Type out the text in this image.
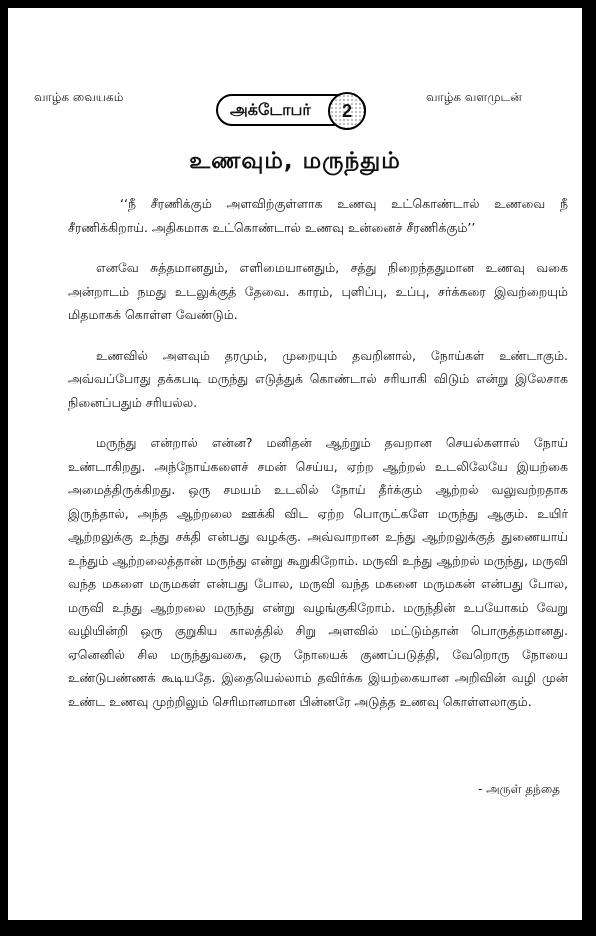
வாழ்க வையகம்
அக்டோபர்	2
வாழ்க வளமுடன்
உணவும், மருந்தும்

‘‘நீ சீரணிக்கும் அளவிற்குள்ளாக உணவு உட்கொண்டால் உணவை நீ சீரணிக்கிறாய். அதிகமாக உட்கொண்டால் உணவு உன்னைச் சீரணிக்கும்’’

எனவே சுத்தமானதும், எளிமையானதும், சத்து நிறைந்ததுமான உணவு வகை அன்றாடம் நமது உடலுக்குத் தேவை. காரம், புளிப்பு, உப்பு, சர்க்கரை இவற்றையும் மிதமாகக் கொள்ள வேண்டும்.

உணவில் அளவும் தரமும், முறையும் தவறினால், நோய்கள் உண்டாகும். அவ்வப்போது தக்கபடி மருந்து எடுத்துக் கொண்டால் சரியாகி விடும் என்று இலேசாக நினைப்பதும் சரியல்ல.

மருந்து என்றால் என்ன? மனிதன் ஆற்றும் தவறான செயல்களால் நோய் உண்டாகிறது. அந்நோய்களைச் சமன் செய்ய, ஏற்ற ஆற்றல் உடலிலேயே இயற்கை அமைத்திருக்கிறது. ஒரு சமயம் உடலில் நோய் தீர்க்கும் ஆற்றல் வலுவற்றதாக இருந்தால், அந்த ஆற்றலை ஊக்கி விட ஏற்ற பொருட்களே மருந்து ஆகும். உயிர் ஆற்றலுக்கு உந்து சக்தி என்பது வழக்கு. அவ்வாறான உந்து ஆற்றலுக்குத் துணையாய் உந்தும் ஆற்றலைத்தான் மருந்து என்று கூறுகிறோம். மருவி உந்து ஆற்றல் மருந்து, மருவி வந்த மகளை மருமகள் என்பது போல, மருவி வந்த மகனை மருமகன் என்பது போல, மருவி உந்து ஆற்றலை மருந்து என்று வழங்குகிறோம். மருந்தின் உபயோகம் வேறு வழியின்றி ஒரு குறுகிய காலத்தில் சிறு அளவில் மட்டும்தான் பொருத்தமானது. ஏனெனில் சில மருந்துவகை, ஒரு நோயைக் குணப்படுத்தி, வேறொரு நோயை உண்டுபண்ணக் கூடியதே. இதையெல்லாம் தவிர்க்க இயற்கையான அறிவின் வழி முன் உண்ட உணவு முற்றிலும் செரிமானமான பின்னரே அடுத்த உணவு கொள்ளலாகும்.

- அருள் தந்தை
